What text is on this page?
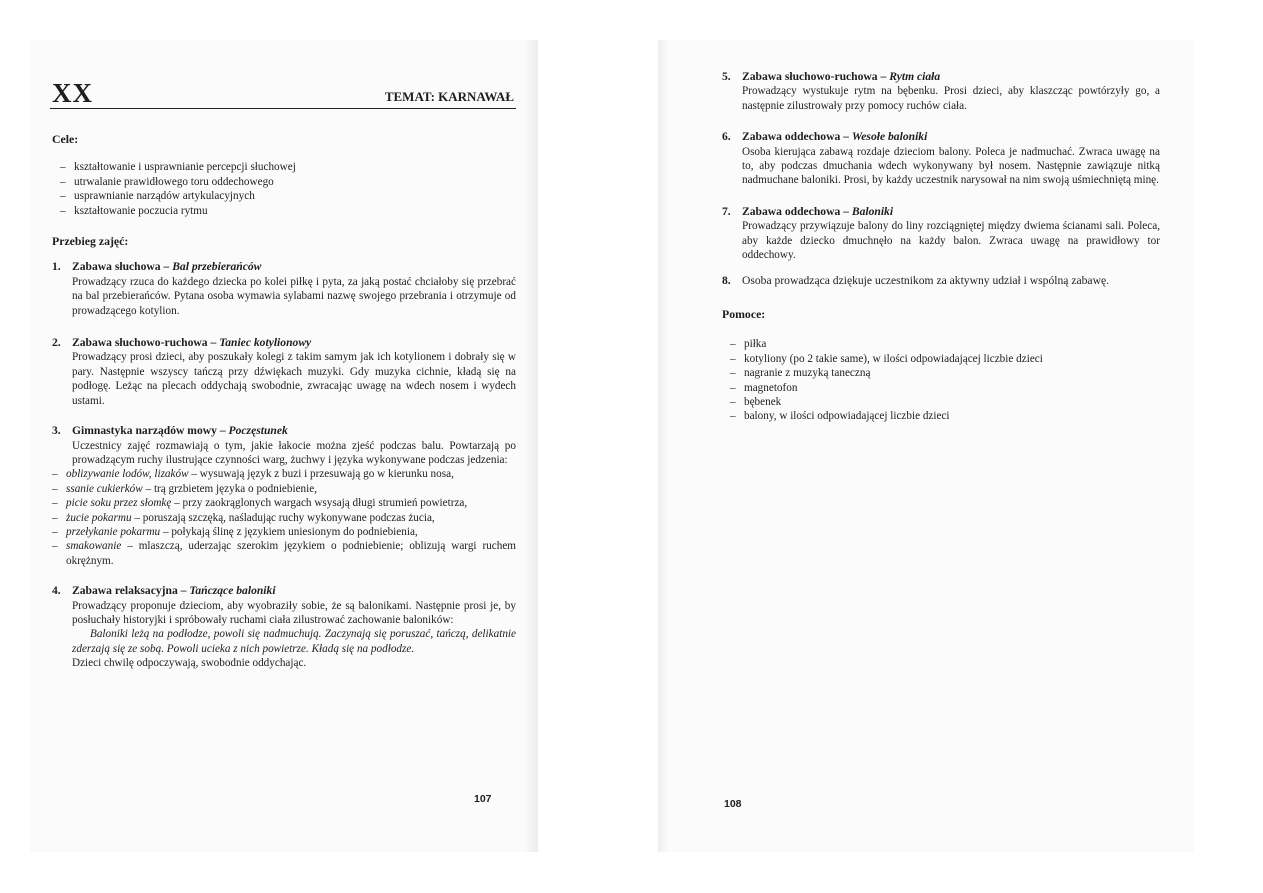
XX	TEMAT: KARNAWAŁ

Cele:

– kształtowanie i usprawnianie percepcji słuchowej
– utrwalanie prawidłowego toru oddechowego
– usprawnianie narządów artykulacyjnych
– kształtowanie poczucia rytmu

Przebieg zajęć:

1. Zabawa słuchowa – Bal przebierańców

Prowadzący rzuca do każdego dziecka po kolei piłkę i pyta, za jaką postać chciałoby się przebrać na bal przebierańców. Pytana osoba wymawia sylabami nazwę swojego przebrania i otrzymuje od prowadzącego kotylion.

2. Zabawa słuchowo-ruchowa – Taniec kotylionowy

Prowadzący prosi dzieci, aby poszukały kolegi z takim samym jak ich kotylionem i dobrały się w pary. Następnie wszyscy tańczą przy dźwiękach muzyki. Gdy muzyka cichnie, kładą się na podłogę. Leżąc na plecach oddychają swobodnie, zwracając uwagę na wdech nosem i wydech ustami.

3. Gimnastyka narządów mowy – Poczęstunek

Uczestnicy zajęć rozmawiają o tym, jakie łakocie można zjeść podczas balu. Powtarzają po prowadzącym ruchy ilustrujące czynności warg, żuchwy i języka wykonywane podczas jedzenia:

– oblizywanie lodów, lizaków – wysuwają język z buzi i przesuwają go w kierunku nosa,
– ssanie cukierków – trą grzbietem języka o podniebienie,
– picie soku przez słomkę – przy zaokrąglonych wargach wsysają długi strumień powietrza,
– żucie pokarmu – poruszają szczęką, naśladując ruchy wykonywane podczas żucia,
– przełykanie pokarmu – połykają ślinę z językiem uniesionym do podniebienia,
– smakowanie – mlaszczą, uderzając szerokim językiem o podniebienie; oblizują wargi ruchem okrężnym.

4. Zabawa relaksacyjna – Tańczące baloniki

Prowadzący proponuje dzieciom, aby wyobraziły sobie, że są balonikami. Następnie prosi je, by posłuchały historyjki i spróbowały ruchami ciała zilustrować zachowanie baloników:

Baloniki leżą na podłodze, powoli się nadmuchują. Zaczynają się poruszać, tańczą, delikatnie zderzają się ze sobą. Powoli ucieka z nich powietrze. Kładą się na podłodze.

Dzieci chwilę odpoczywają, swobodnie oddychając.

107

5. Zabawa słuchowo-ruchowa – Rytm ciała

Prowadzący wystukuje rytm na bębenku. Prosi dzieci, aby klaszcząc powtórzyły go, a następnie zilustrowały przy pomocy ruchów ciała.

6. Zabawa oddechowa – Wesołe baloniki

Osoba kierująca zabawą rozdaje dzieciom balony. Poleca je nadmuchać. Zwraca uwagę na to, aby podczas dmuchania wdech wykonywany był nosem. Następnie zawiązuje nitką nadmuchane baloniki. Prosi, by każdy uczestnik narysował na nim swoją uśmiechniętą minę.

7. Zabawa oddechowa – Baloniki

Prowadzący przywiązuje balony do liny rozciągniętej między dwiema ścianami sali. Poleca, aby każde dziecko dmuchnęło na każdy balon. Zwraca uwagę na prawidłowy tor oddechowy.

8. Osoba prowadząca dziękuje uczestnikom za aktywny udział i wspólną zabawę.

Pomoce:

– piłka
– kotyliony (po 2 takie same), w ilości odpowiadającej liczbie dzieci
– nagranie z muzyką taneczną
– magnetofon
– bębenek
– balony, w ilości odpowiadającej liczbie dzieci
108
